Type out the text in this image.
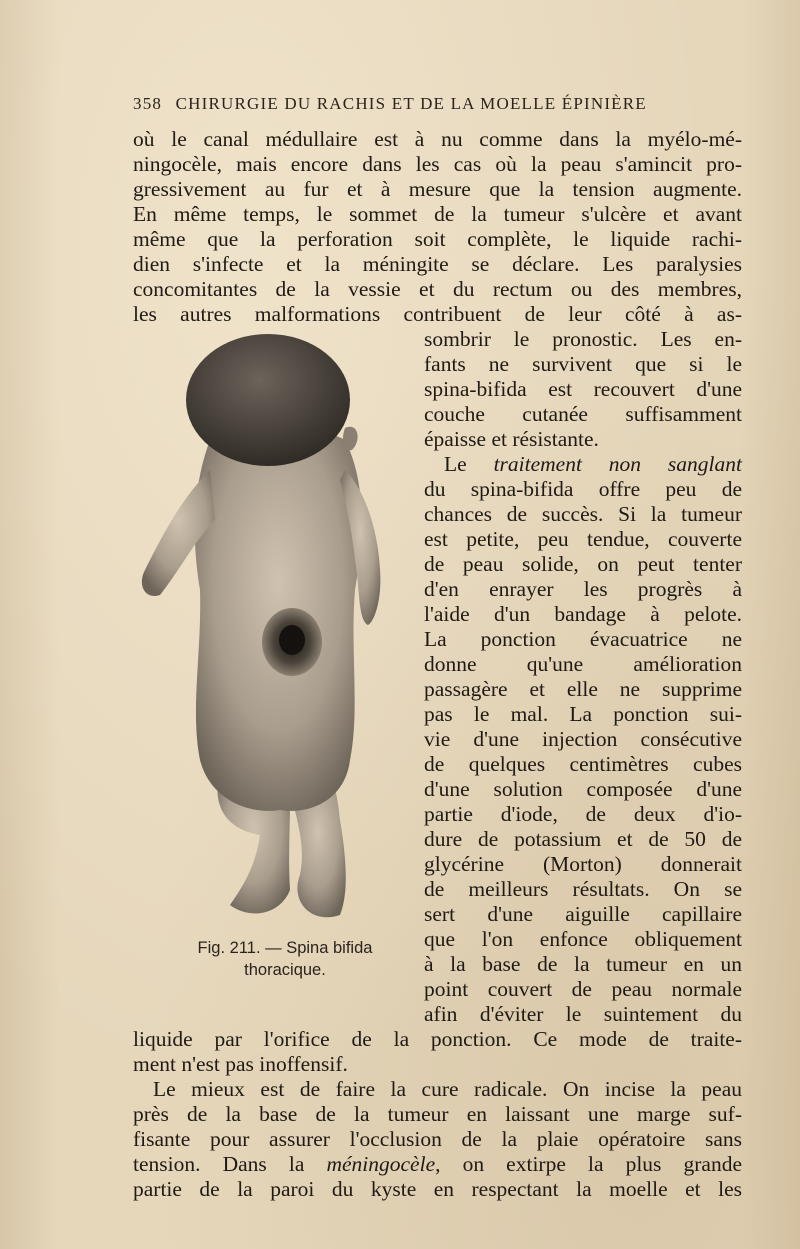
358 CHIRURGIE DU RACHIS ET DE LA MOELLE ÉPINIÈRE
où le canal médullaire est à nu comme dans la myélo-mé-
ningocèle, mais encore dans les cas où la peau s'amincit pro-
gressivement au fur et à mesure que la tension augmente.
En même temps, le sommet de la tumeur s'ulcère et avant
même que la perforation soit complète, le liquide rachi-
dien s'infecte et la méningite se déclare. Les paralysies
concomitantes de la vessie et du rectum ou des membres,
les autres malformations contribuent de leur côté à as-
sombrir le pronostic. Les en-
fants ne survivent que si le
spina-bifida est recouvert d'une
couche cutanée suffisamment
épaisse et résistante.
Le traitement non sanglant
du spina-bifida offre peu de
chances de succès. Si la tumeur
est petite, peu tendue, couverte
de peau solide, on peut tenter
d'en enrayer les progrès à
l'aide d'un bandage à pelote.
La ponction évacuatrice ne
donne qu'une amélioration
passagère et elle ne supprime
pas le mal. La ponction sui-
vie d'une injection consécutive
de quelques centimètres cubes
d'une solution composée d'une
partie d'iode, de deux d'io-
dure de potassium et de 50 de
glycérine (Morton) donnerait
de meilleurs résultats. On se
sert d'une aiguille capillaire
que l'on enfonce obliquement
à la base de la tumeur en un
point couvert de peau normale
afin d'éviter le suintement du
Fig. 211. — Spina bifida
thoracique.
liquide par l'orifice de la ponction. Ce mode de traite-
ment n'est pas inoffensif.
Le mieux est de faire la cure radicale. On incise la peau
près de la base de la tumeur en laissant une marge suf-
fisante pour assurer l'occlusion de la plaie opératoire sans
tension. Dans la méningocèle, on extirpe la plus grande
partie de la paroi du kyste en respectant la moelle et les
